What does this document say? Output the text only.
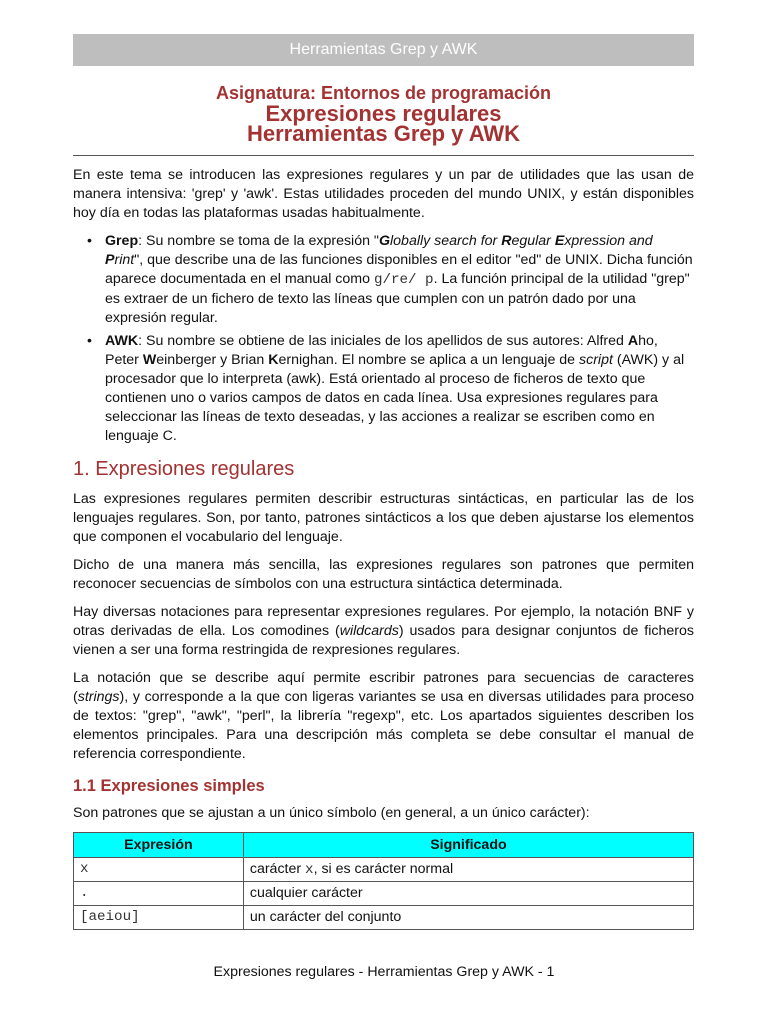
Herramientas Grep y AWK
Asignatura: Entornos de programación
Expresiones regulares
Herramientas Grep y AWK

En este tema se introducen las expresiones regulares y un par de utilidades que las usan de manera intensiva: 'grep' y 'awk'. Estas utilidades proceden del mundo UNIX, y están disponibles hoy día en todas las plataformas usadas habitualmente.

• Grep: Su nombre se toma de la expresión "Globally search for Regular Expression and Print", que describe una de las funciones disponibles en el editor "ed" de UNIX. Dicha función aparece documentada en el manual como g/re/ p. La función principal de la utilidad "grep" es extraer de un fichero de texto las líneas que cumplen con un patrón dado por una expresión regular.
• AWK: Su nombre se obtiene de las iniciales de los apellidos de sus autores: Alfred Aho, Peter Weinberger y Brian Kernighan. El nombre se aplica a un lenguaje de script (AWK) y al procesador que lo interpreta (awk). Está orientado al proceso de ficheros de texto que contienen uno o varios campos de datos en cada línea. Usa expresiones regulares para seleccionar las líneas de texto deseadas, y las acciones a realizar se escriben como en lenguaje C.
1. Expresiones regulares

Las expresiones regulares permiten describir estructuras sintácticas, en particular las de los lenguajes regulares. Son, por tanto, patrones sintácticos a los que deben ajustarse los elementos que componen el vocabulario del lenguaje.

Dicho de una manera más sencilla, las expresiones regulares son patrones que permiten reconocer secuencias de símbolos con una estructura sintáctica determinada.

Hay diversas notaciones para representar expresiones regulares. Por ejemplo, la notación BNF y otras derivadas de ella. Los comodines (wildcards) usados para designar conjuntos de ficheros vienen a ser una forma restringida de rexpresiones regulares.

La notación que se describe aquí permite escribir patrones para secuencias de caracteres (strings), y corresponde a la que con ligeras variantes se usa en diversas utilidades para proceso de textos: "grep", "awk", "perl", la librería "regexp", etc. Los apartados siguientes describen los elementos principales. Para una descripción más completa se debe consultar el manual de referencia correspondiente.

1.1 Expresiones simples

Son patrones que se ajustan a un único símbolo (en general, a un único carácter):

Expresión	Significado
x	carácter x, si es carácter normal
.	cualquier carácter
[aeiou]	un carácter del conjunto
Expresiones regulares - Herramientas Grep y AWK - 1
